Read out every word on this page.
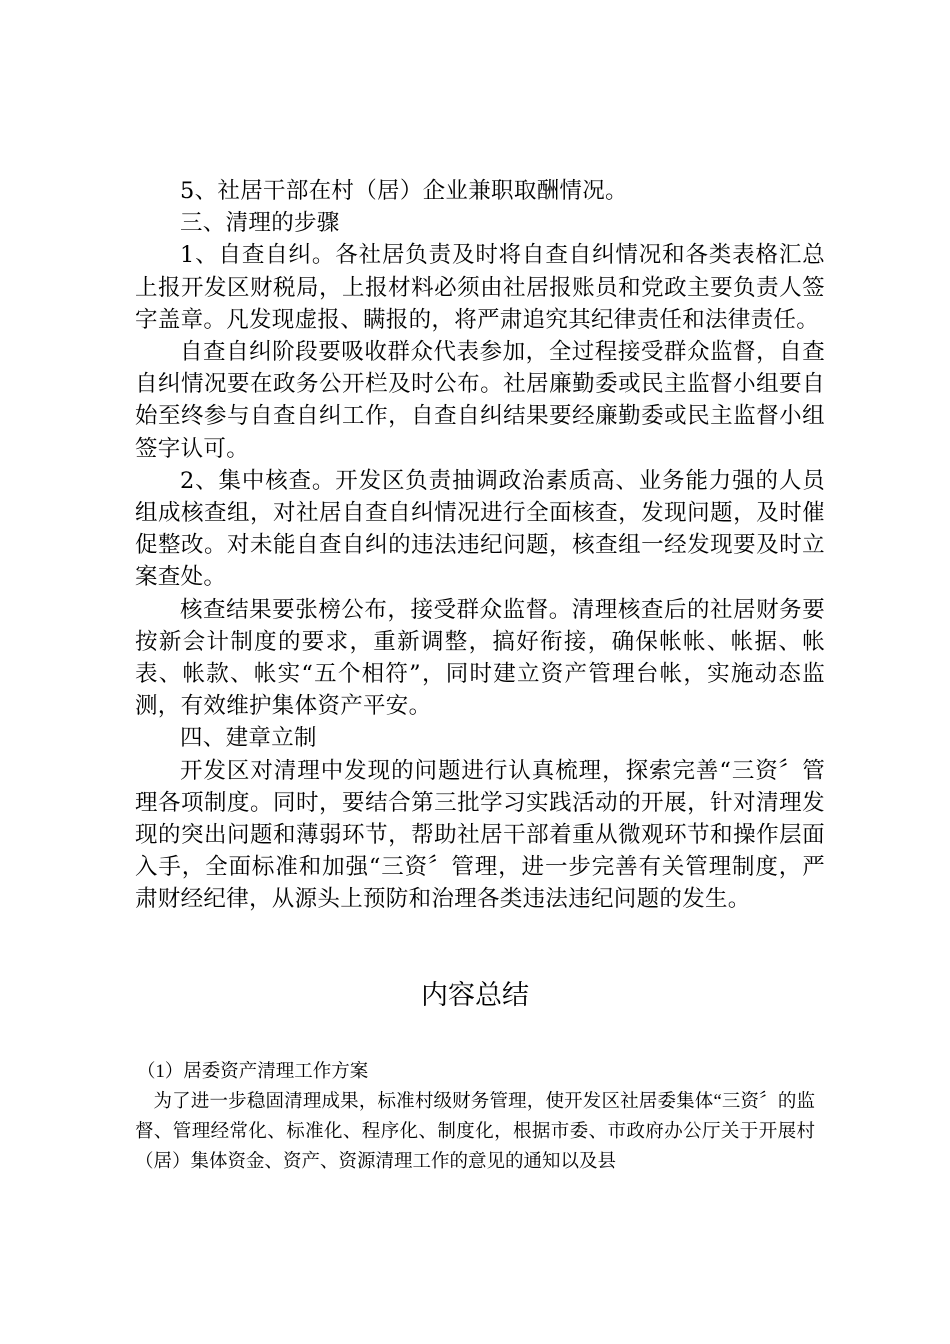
5、社居干部在村（居）企业兼职取酬情况。

三、清理的步骤

1、自查自纠。各社居负责及时将自查自纠情况和各类表格汇总上报开发区财税局，上报材料必须由社居报账员和党政主要负责人签字盖章。凡发现虚报、瞒报的，将严肃追究其纪律责任和法律责任。

自查自纠阶段要吸收群众代表参加，全过程接受群众监督，自查自纠情况要在政务公开栏及时公布。社居廉勤委或民主监督小组要自始至终参与自查自纠工作，自查自纠结果要经廉勤委或民主监督小组签字认可。

2、集中核查。开发区负责抽调政治素质高、业务能力强的人员组成核查组，对社居自查自纠情况进行全面核查，发现问题，及时催促整改。对未能自查自纠的违法违纪问题，核查组一经发现要及时立案查处。

核查结果要张榜公布，接受群众监督。清理核查后的社居财务要按新会计制度的要求，重新调整，搞好衔接，确保帐帐、帐据、帐表、帐款、帐实“五个相符”，同时建立资产管理台帐，实施动态监测，有效维护集体资产平安。

四、建章立制

开发区对清理中发现的问题进行认真梳理，探索完善“三资〞管理各项制度。同时，要结合第三批学习实践活动的开展，针对清理发现的突出问题和薄弱环节，帮助社居干部着重从微观环节和操作层面入手，全面标准和加强“三资〞管理，进一步完善有关管理制度，严肃财经纪律，从源头上预防和治理各类违法违纪问题的发生。

内容总结

（1）居委资产清理工作方案

为了进一步稳固清理成果，标准村级财务管理，使开发区社居委集体“三资〞的监督、管理经常化、标准化、程序化、制度化，根据市委、市政府办公厅关于开展村（居）集体资金、资产、资源清理工作的意见的通知以及县
